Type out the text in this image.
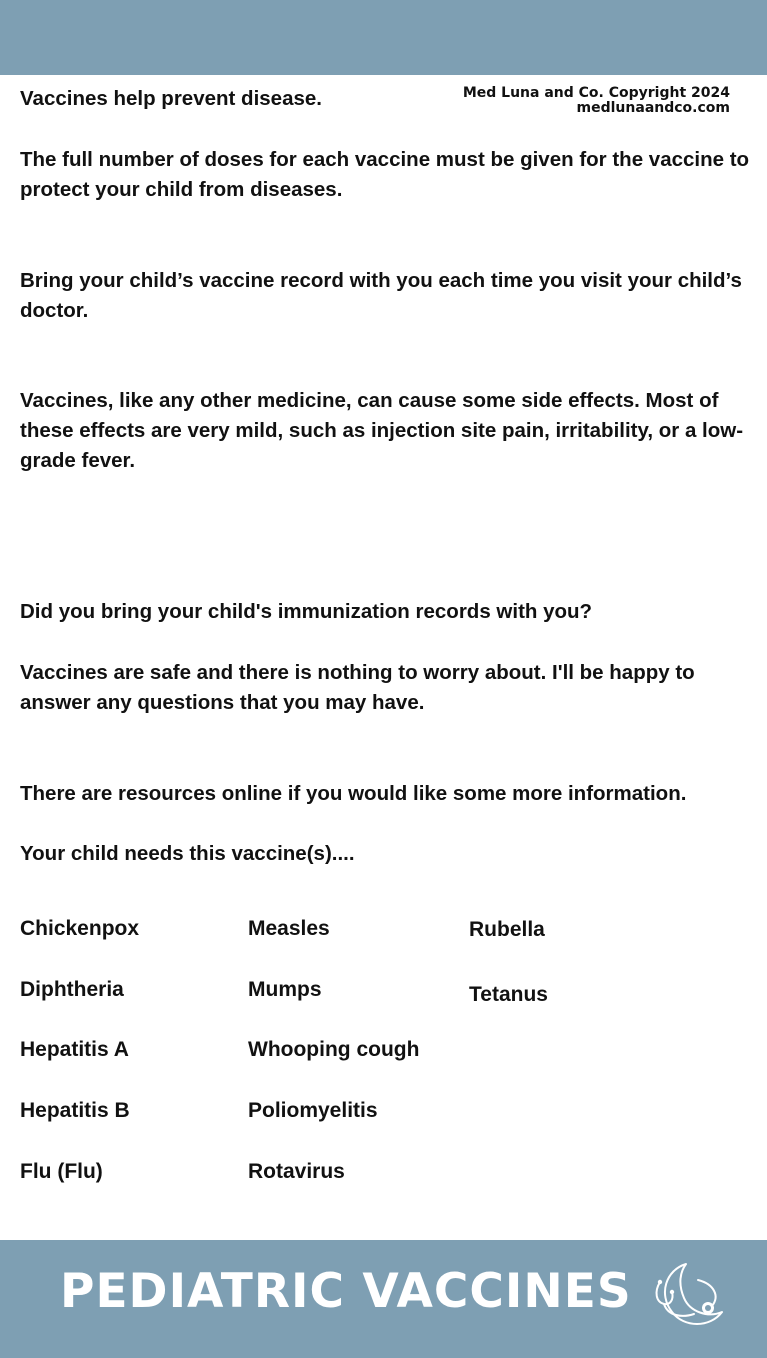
Med Luna and Co. Copyright 2024
medlunaandco.com

Vaccines help prevent disease.

The full number of doses for each vaccine must be given for the vaccine to protect your child from diseases.

Bring your child’s vaccine record with you each time you visit your child’s doctor.

Vaccines, like any other medicine, can cause some side effects. Most of these effects are very mild, such as injection site pain, irritability, or a low-grade fever.

Did you bring your child's immunization records with you?

Vaccines are safe and there is nothing to worry about. I'll be happy to answer any questions that you may have.

There are resources online if you would like some more information.

Your child needs this vaccine(s)....

Chickenpox
Diphtheria
Hepatitis A
Hepatitis B
Flu (Flu)
Measles
Mumps
Whooping cough
Poliomyelitis
Rotavirus
Rubella
Tetanus
PEDIATRIC VACCINES
